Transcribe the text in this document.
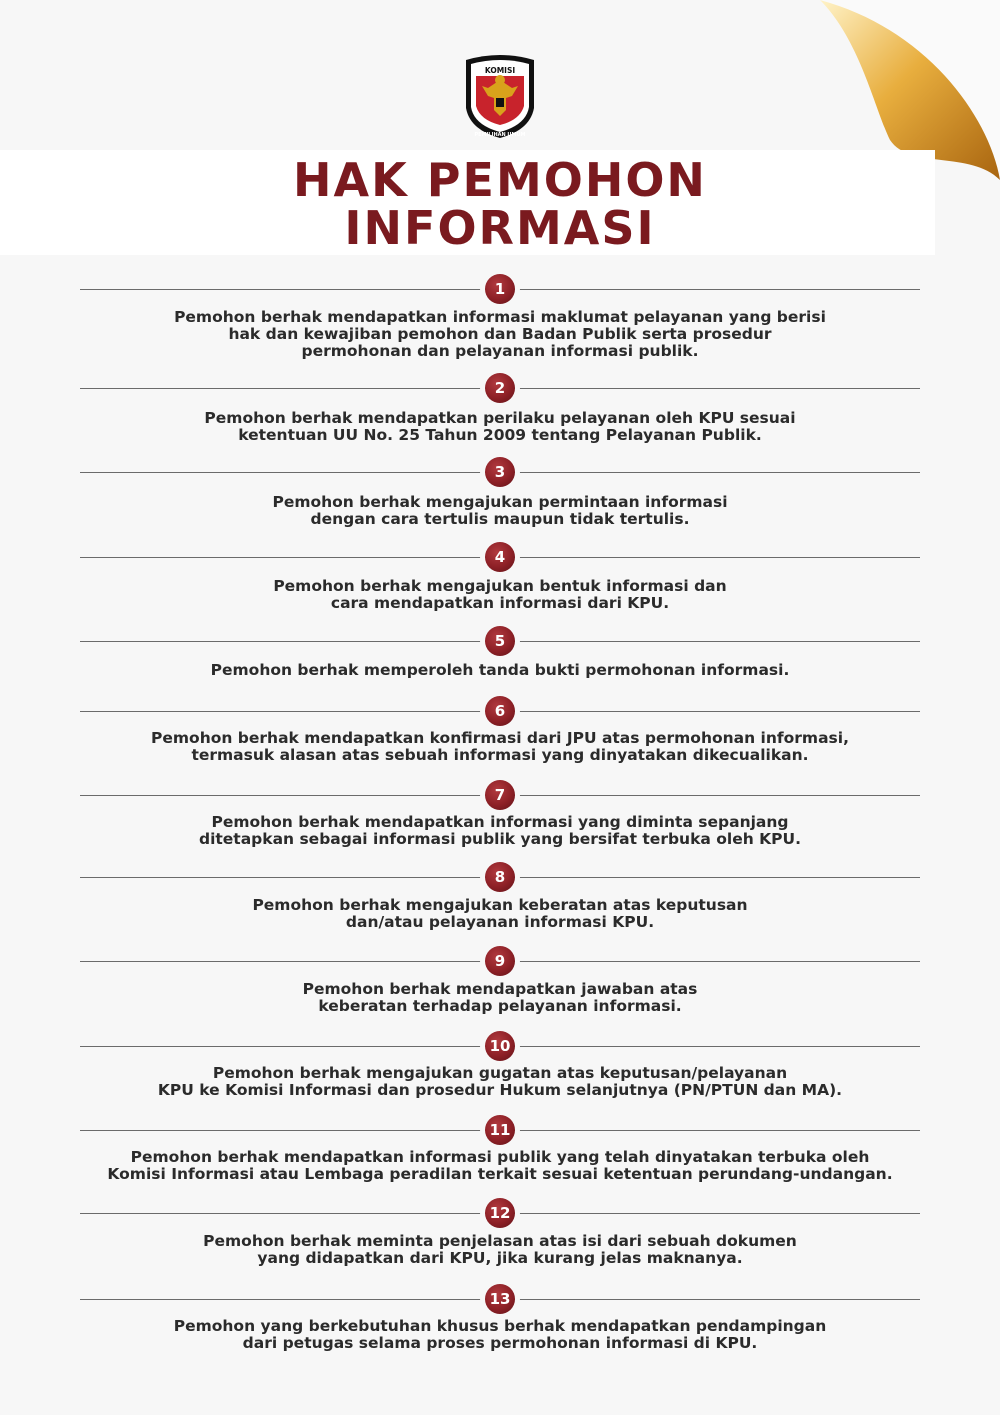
KOMISI
PEMILIHAN UMUM
HAK PEMOHON
INFORMASI
1

Pemohon berhak mendapatkan informasi maklumat pelayanan yang berisi
hak dan kewajiban pemohon dan Badan Publik serta prosedur
permohonan dan pelayanan informasi publik.

2

Pemohon berhak mendapatkan perilaku pelayanan oleh KPU sesuai
ketentuan UU No. 25 Tahun 2009 tentang Pelayanan Publik.

3

Pemohon berhak mengajukan permintaan informasi
dengan cara tertulis maupun tidak tertulis.

4

Pemohon berhak mengajukan bentuk informasi dan
cara mendapatkan informasi dari KPU.

5

Pemohon berhak memperoleh tanda bukti permohonan informasi.

6

Pemohon berhak mendapatkan konfirmasi dari JPU atas permohonan informasi,
termasuk alasan atas sebuah informasi yang dinyatakan dikecualikan.

7

Pemohon berhak mendapatkan informasi yang diminta sepanjang
ditetapkan sebagai informasi publik yang bersifat terbuka oleh KPU.

8

Pemohon berhak mengajukan keberatan atas keputusan
dan/atau pelayanan informasi KPU.

9

Pemohon berhak mendapatkan jawaban atas
keberatan terhadap pelayanan informasi.

10

Pemohon berhak mengajukan gugatan atas keputusan/pelayanan
KPU ke Komisi Informasi dan prosedur Hukum selanjutnya (PN/PTUN dan MA).

11

Pemohon berhak mendapatkan informasi publik yang telah dinyatakan terbuka oleh
Komisi Informasi atau Lembaga peradilan terkait sesuai ketentuan perundang-undangan.

12

Pemohon berhak meminta penjelasan atas isi dari sebuah dokumen
yang didapatkan dari KPU, jika kurang jelas maknanya.

13

Pemohon yang berkebutuhan khusus berhak mendapatkan pendampingan
dari petugas selama proses permohonan informasi di KPU.
